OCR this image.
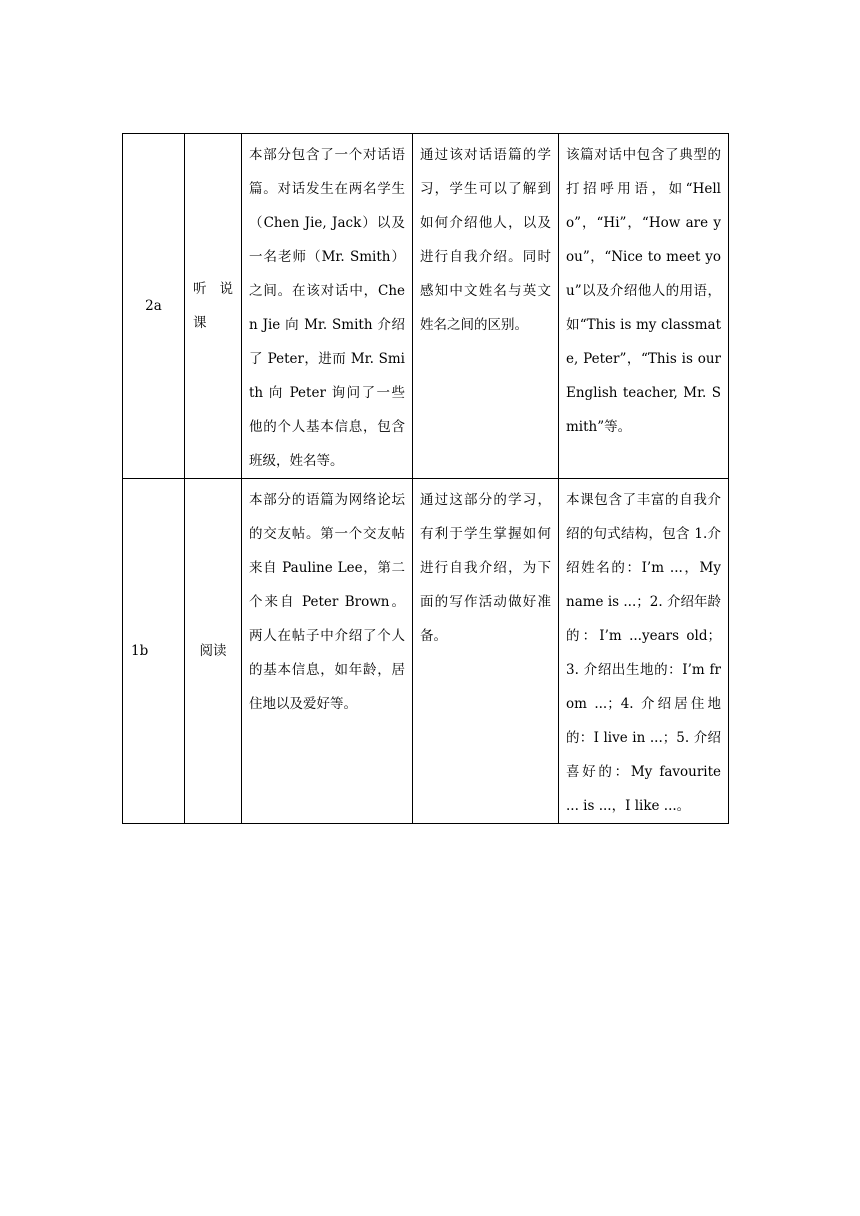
2a	听 说 课	本部分包含了一个对话语篇。对话发生在两名学生（Chen Jie, Jack）以及一名老师（Mr. Smith）之间。在该对话中，Chen Jie 向 Mr. Smith 介绍了 Peter，进而 Mr. Smith 向 Peter 询问了一些他的个人基本信息，包含班级，姓名等。	通过该对话语篇的学习，学生可以了解到如何介绍他人，以及进行自我介绍。同时感知中文姓名与英文姓名之间的区别。	该篇对话中包含了典型的打招呼用语，如“Hello”，“Hi”，“How are you”，“Nice to meet you”以及介绍他人的用语，如“This is my classmate, Peter”，“This is our English teacher, Mr. Smith”等。

1b	阅读	本部分的语篇为网络论坛的交友帖。第一个交友帖来自 Pauline Lee，第二个来自 Peter Brown。两人在帖子中介绍了个人的基本信息，如年龄，居住地以及爱好等。	通过这部分的学习，有利于学生掌握如何进行自我介绍，为下面的写作活动做好准备。	本课包含了丰富的自我介绍的句式结构，包含 1.介绍姓名的：I’m ...，My name is ...；2. 介绍年龄的：I’m ...years old；3. 介绍出生地的：I’m from ...；4. 介绍居住地的：I live in ...；5. 介绍喜好的：My favourite ... is ...，I like ...。
